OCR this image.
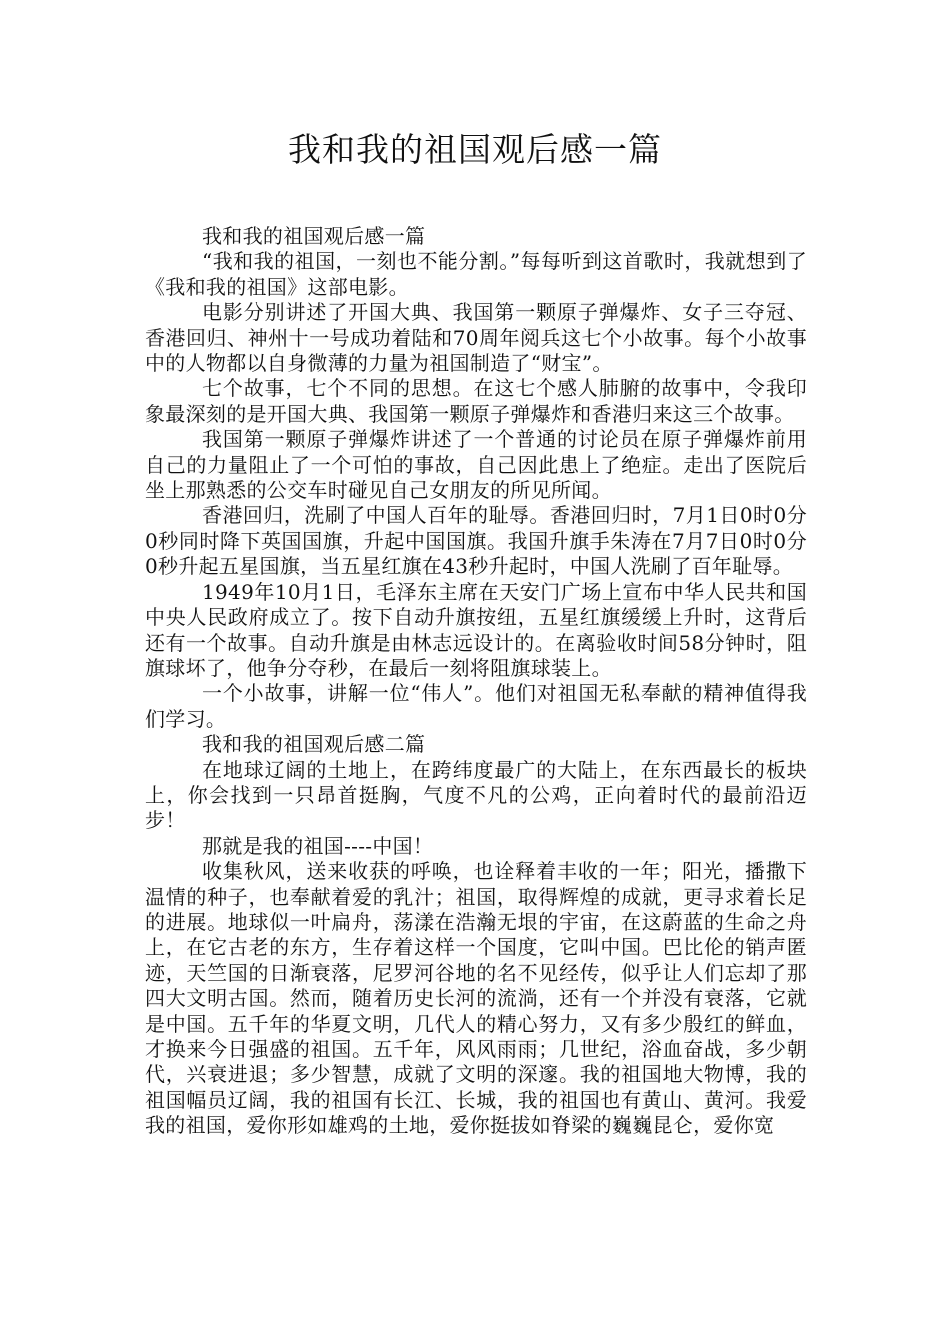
我和我的祖国观后感一篇

我和我的祖国观后感一篇

“我和我的祖国，一刻也不能分割。”每每听到这首歌时，我就想到了《我和我的祖国》这部电影。

电影分别讲述了开国大典、我国第一颗原子弹爆炸、女子三夺冠、香港回归、神州十一号成功着陆和70周年阅兵这七个小故事。每个小故事中的人物都以自身微薄的力量为祖国制造了“财宝”。

七个故事，七个不同的思想。在这七个感人肺腑的故事中，令我印象最深刻的是开国大典、我国第一颗原子弹爆炸和香港归来这三个故事。

我国第一颗原子弹爆炸讲述了一个普通的讨论员在原子弹爆炸前用自己的力量阻止了一个可怕的事故，自己因此患上了绝症。走出了医院后坐上那熟悉的公交车时碰见自己女朋友的所见所闻。

香港回归，洗刷了中国人百年的耻辱。香港回归时，7月1日0时0分0秒同时降下英国国旗，升起中国国旗。我国升旗手朱涛在7月7日0时0分0秒升起五星国旗，当五星红旗在43秒升起时，中国人洗刷了百年耻辱。

1949年10月1日，毛泽东主席在天安门广场上宣布中华人民共和国中央人民政府成立了。按下自动升旗按纽，五星红旗缓缓上升时，这背后还有一个故事。自动升旗是由林志远设计的。在离验收时间58分钟时，阻旗球坏了，他争分夺秒，在最后一刻将阻旗球装上。

一个小故事，讲解一位“伟人”。他们对祖国无私奉献的精神值得我们学习。

我和我的祖国观后感二篇

在地球辽阔的土地上，在跨纬度最广的大陆上，在东西最长的板块上，你会找到一只昂首挺胸，气度不凡的公鸡，正向着时代的最前沿迈步！

那就是我的祖国----中国！

收集秋风，送来收获的呼唤，也诠释着丰收的一年；阳光，播撒下温情的种子，也奉献着爱的乳汁；祖国，取得辉煌的成就，更寻求着长足的进展。地球似一叶扁舟，荡漾在浩瀚无垠的宇宙，在这蔚蓝的生命之舟上，在它古老的东方，生存着这样一个国度，它叫中国。巴比伦的销声匿迹，天竺国的日渐衰落，尼罗河谷地的名不见经传，似乎让人们忘却了那四大文明古国。然而，随着历史长河的流淌，还有一个并没有衰落，它就是中国。五千年的华夏文明，几代人的精心努力，又有多少殷红的鲜血，才换来今日强盛的祖国。五千年，风风雨雨；几世纪，浴血奋战，多少朝代，兴衰进退；多少智慧，成就了文明的深邃。我的祖国地大物博，我的祖国幅员辽阔，我的祖国有长江、长城，我的祖国也有黄山、黄河。我爱我的祖国，爱你形如雄鸡的土地，爱你挺拔如脊梁的巍巍昆仑，爱你宽
